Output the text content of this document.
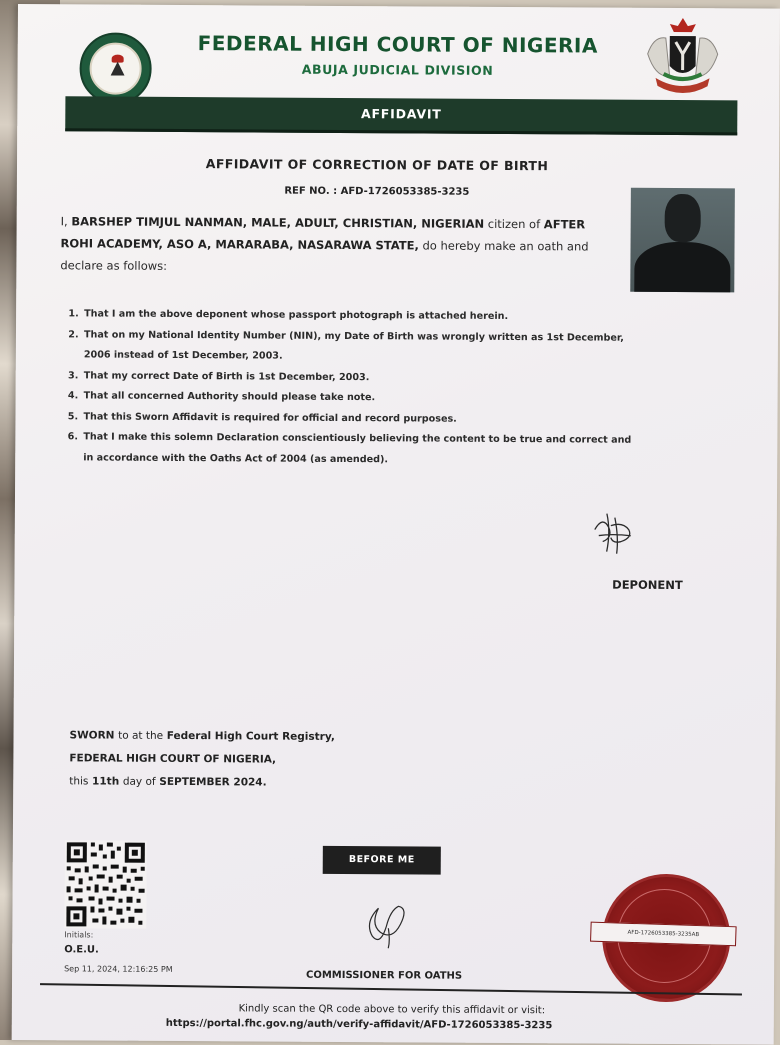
FEDERAL HIGH COURT OF NIGERIA
ABUJA JUDICIAL DIVISION
AFFIDAVIT
AFFIDAVIT OF CORRECTION OF DATE OF BIRTH
REF NO. : AFD-1726053385-3235
I, BARSHEP TIMJUL NANMAN, MALE, ADULT, CHRISTIAN, NIGERIAN citizen of AFTER ROHI ACADEMY, ASO A, MARARABA, NASARAWA STATE, do hereby make an oath and declare as follows:
1. That I am the above deponent whose passport photograph is attached herein.
2. That on my National Identity Number (NIN), my Date of Birth was wrongly written as 1st December, 2006 instead of 1st December, 2003.
3. That my correct Date of Birth is 1st December, 2003.
4. That all concerned Authority should please take note.
5. That this Sworn Affidavit is required for official and record purposes.
6. That I make this solemn Declaration conscientiously believing the content to be true and correct and in accordance with the Oaths Act of 2004 (as amended).
DEPONENT
SWORN to at the Federal High Court Registry,
FEDERAL HIGH COURT OF NIGERIA,
this 11th day of SEPTEMBER 2024.
Initials:
O.E.U.
Sep 11, 2024, 12:16:25 PM
BEFORE ME
COMMISSIONER FOR OATHS
AFD-1726053385-3235AB
Kindly scan the QR code above to verify this affidavit or visit:
https://portal.fhc.gov.ng/auth/verify-affidavit/AFD-1726053385-3235
